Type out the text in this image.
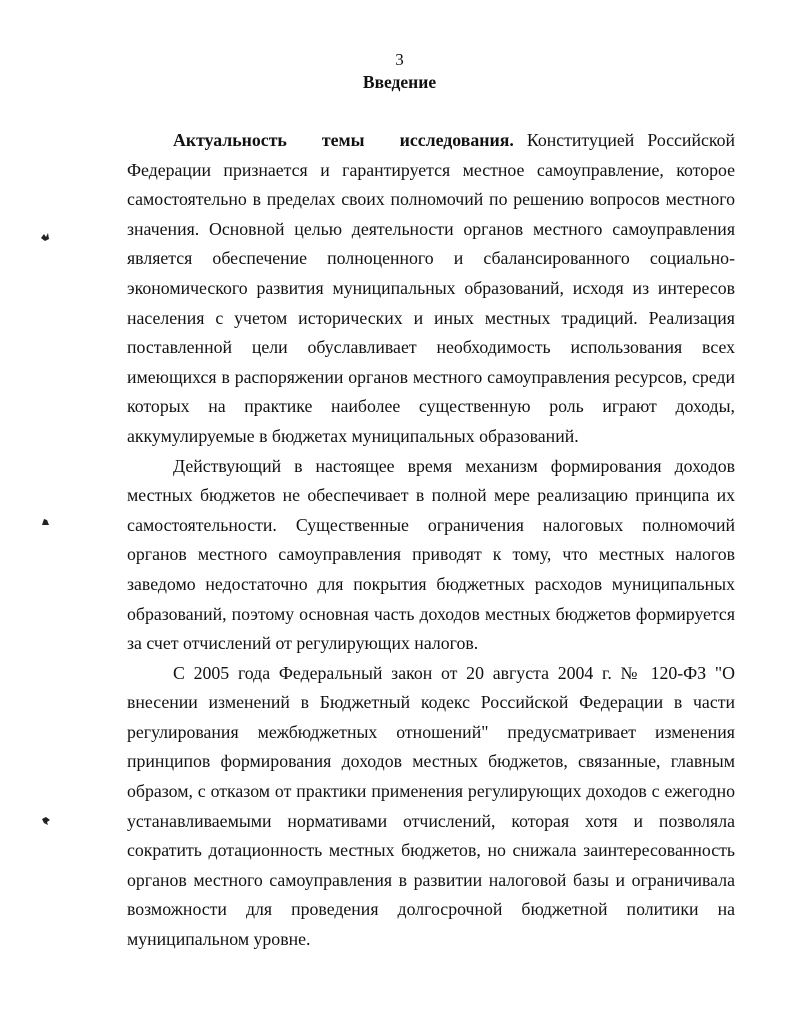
3
Введение

Актуальность темы исследования. Конституцией Российской Федерации признается и гарантируется местное самоуправление, которое самостоятельно в пределах своих полномочий по решению вопросов местного значения. Основной целью деятельности органов местного самоуправления является обеспечение полноценного и сбалансированного социально-экономического развития муниципальных образований, исходя из интересов населения с учетом исторических и иных местных традиций. Реализация поставленной цели обуславливает необходимость использования всех имеющихся в распоряжении органов местного самоуправления ресурсов, среди которых на практике наиболее существенную роль играют доходы, аккумулируемые в бюджетах муниципальных образований.

Действующий в настоящее время механизм формирования доходов местных бюджетов не обеспечивает в полной мере реализацию принципа их самостоятельности. Существенные ограничения налоговых полномочий органов местного самоуправления приводят к тому, что местных налогов заведомо недостаточно для покрытия бюджетных расходов муниципальных образований, поэтому основная часть доходов местных бюджетов формируется за счет отчислений от регулирующих налогов.

С 2005 года Федеральный закон от 20 августа 2004 г. № 120-ФЗ "О внесении изменений в Бюджетный кодекс Российской Федерации в части регулирования межбюджетных отношений" предусматривает изменения принципов формирования доходов местных бюджетов, связанные, главным образом, с отказом от практики применения регулирующих доходов с ежегодно устанавливаемыми нормативами отчислений, которая хотя и позволяла сократить дотационность местных бюджетов, но снижала заинтересованность органов местного самоуправления в развитии налоговой базы и ограничивала возможности для проведения долгосрочной бюджетной политики на муниципальном уровне.
